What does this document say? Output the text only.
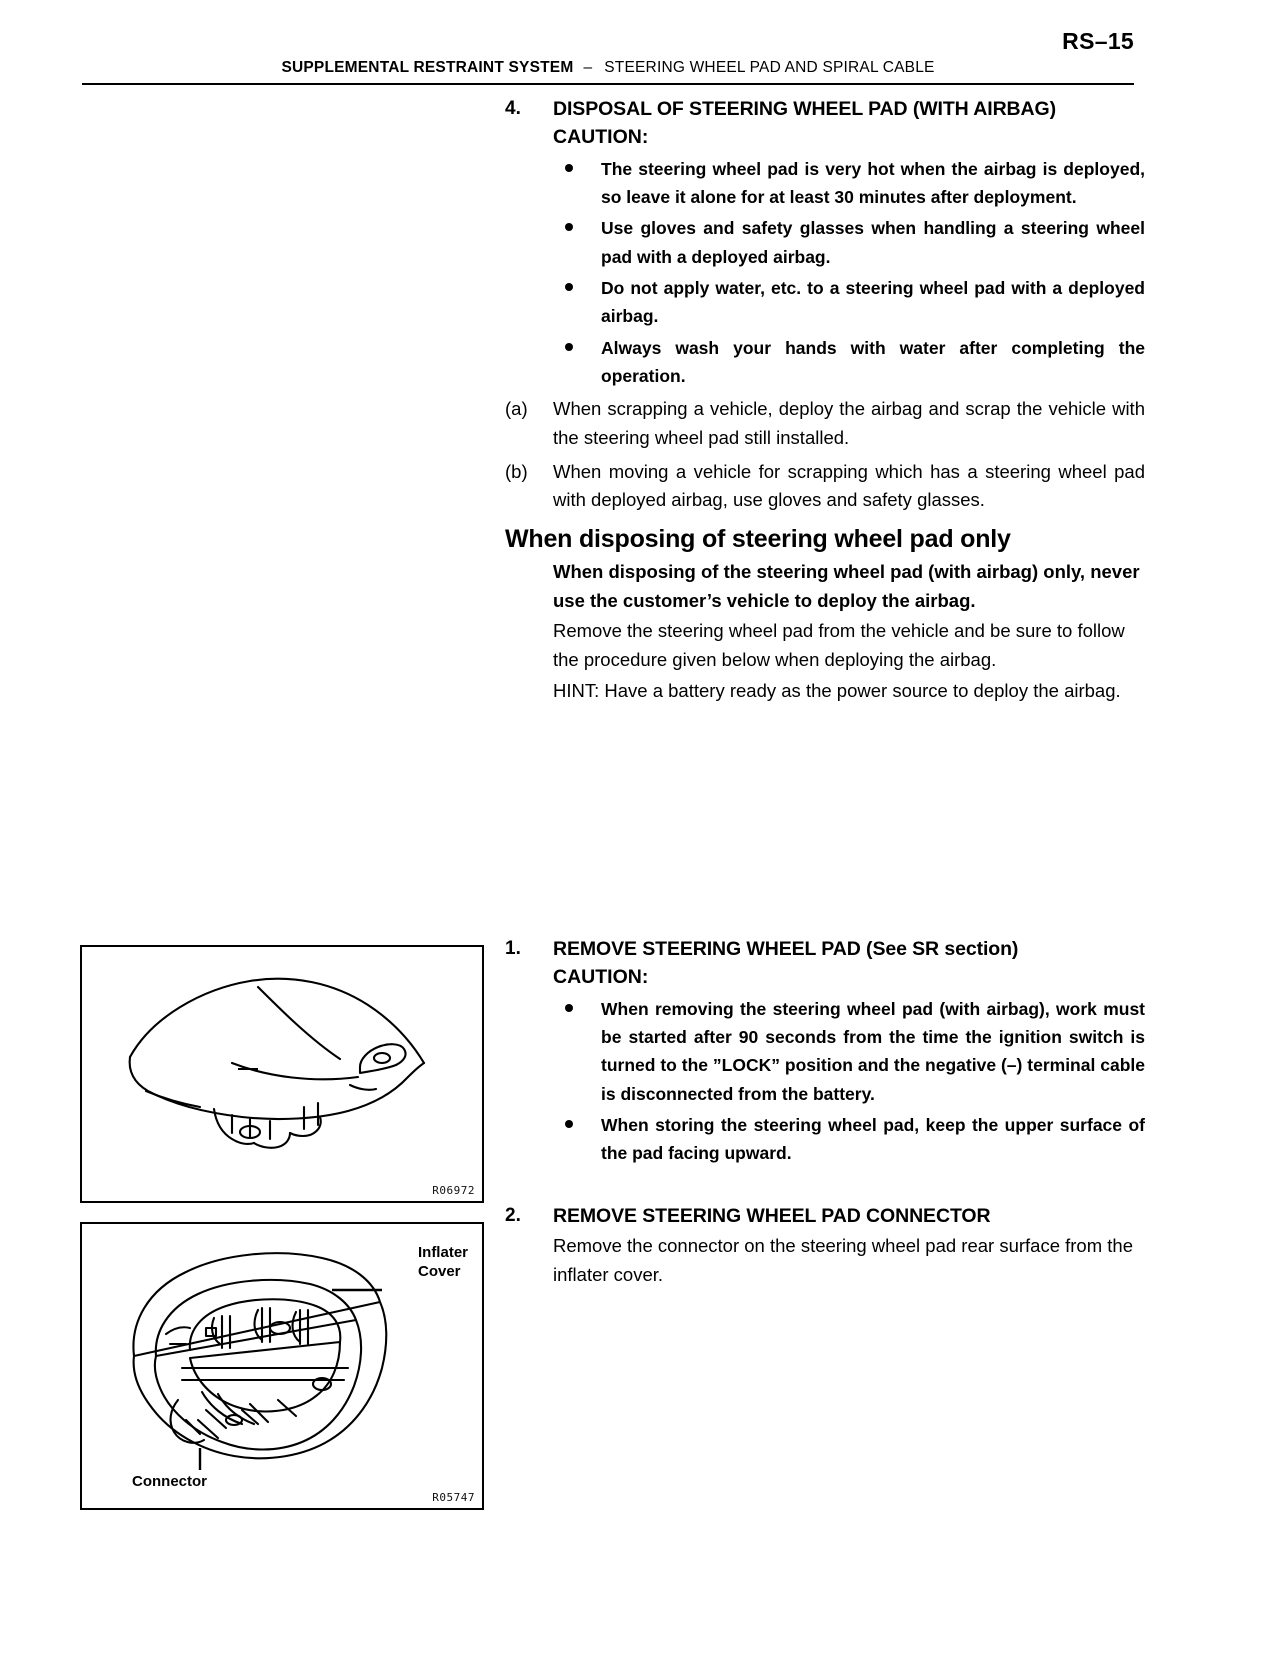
RS–15
SUPPLEMENTAL RESTRAINT SYSTEM – STEERING WHEEL PAD AND SPIRAL CABLE
4.	DISPOSAL OF STEERING WHEEL PAD (WITH AIRBAG)
CAUTION:
The steering wheel pad is very hot when the airbag is deployed, so leave it alone for at least 30 minutes after deployment.
Use gloves and safety glasses when handling a steering wheel pad with a deployed airbag.
Do not apply water, etc. to a steering wheel pad with a deployed airbag.
Always wash your hands with water after completing the operation.
(a)	When scrapping a vehicle, deploy the airbag and scrap the vehicle with the steering wheel pad still installed.
(b)	When moving a vehicle for scrapping which has a steering wheel pad with deployed airbag, use gloves and safety glasses.
When disposing of steering wheel pad only
When disposing of the steering wheel pad (with airbag) only, never use the customer’s vehicle to deploy the airbag.
Remove the steering wheel pad from the vehicle and be sure to follow the procedure given below when deploying the airbag.
HINT: Have a battery ready as the power source to deploy the airbag.
1.	REMOVE STEERING WHEEL PAD (See SR section)
CAUTION:
When removing the steering wheel pad (with airbag), work must be started after 90 seconds from the time the ignition switch is turned to the ”LOCK” position and the negative (–) terminal cable is disconnected from the battery.
When storing the steering wheel pad, keep the upper surface of the pad facing upward.
2.	REMOVE STEERING WHEEL PAD CONNECTOR
Remove the connector on the steering wheel pad rear surface from the inflater cover.
R06972
Inflater
Cover
Connector
R05747
